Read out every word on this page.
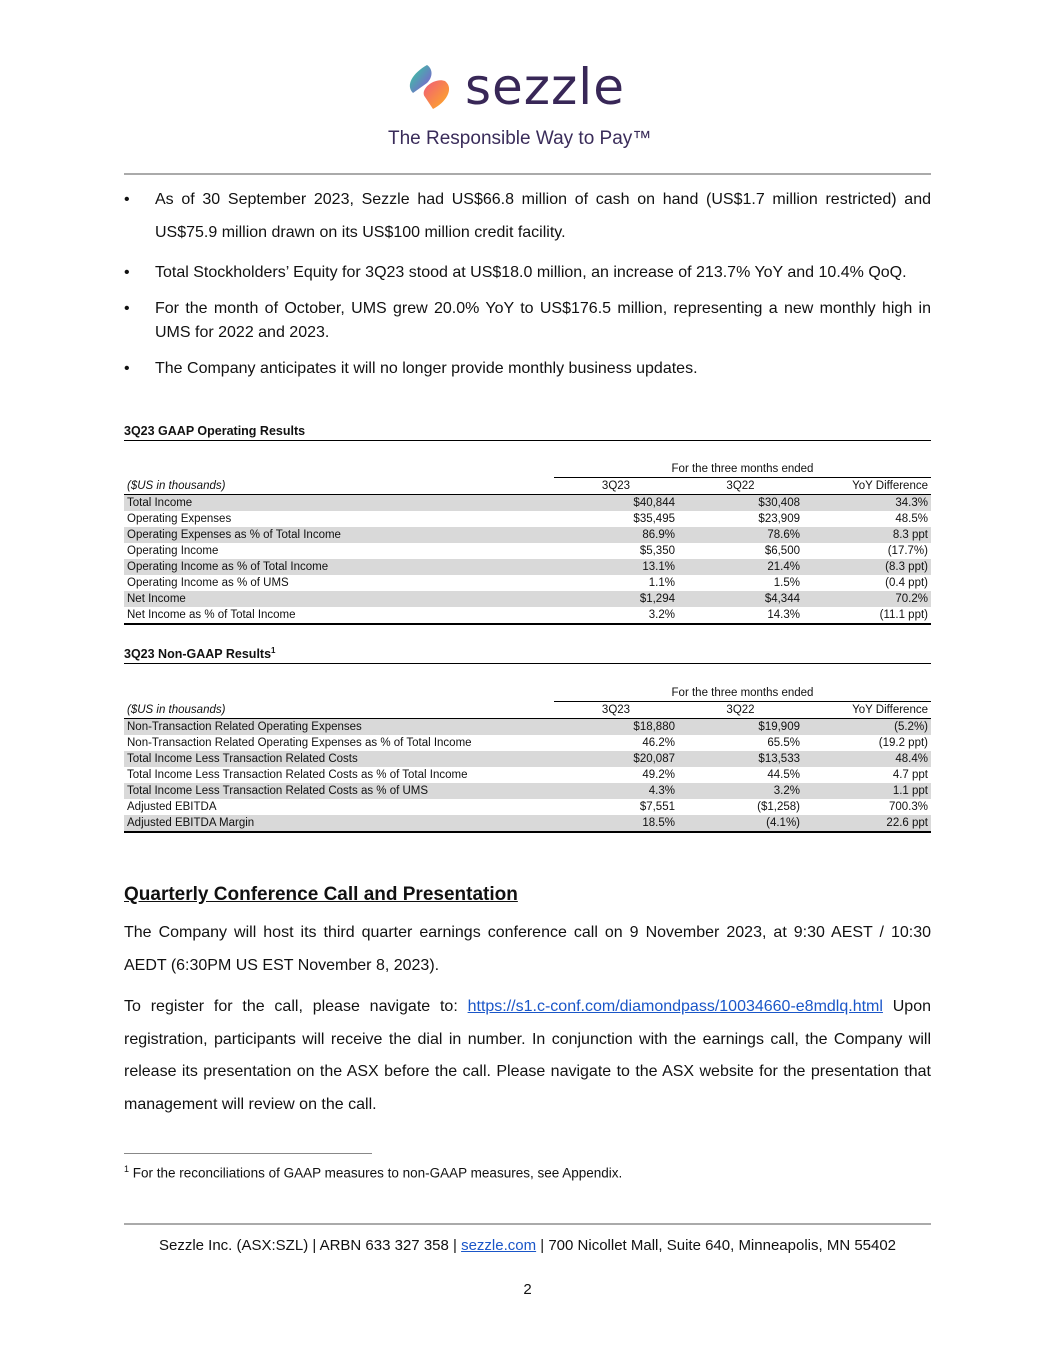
sezzle
The Responsible Way to Pay™
• As of 30 September 2023, Sezzle had US$66.8 million of cash on hand (US$1.7 million restricted) and US$75.9 million drawn on its US$100 million credit facility.
• Total Stockholders’ Equity for 3Q23 stood at US$18.0 million, an increase of 213.7% YoY and 10.4% QoQ.
• For the month of October, UMS grew 20.0% YoY to US$176.5 million, representing a new monthly high in UMS for 2022 and 2023.
• The Company anticipates it will no longer provide monthly business updates.
3Q23 GAAP Operating Results
	For the three months ended		
($US in thousands)	3Q23	3Q22	YoY Difference
Total Income	$40,844	$30,408	34.3%
Operating Expenses	$35,495	$23,909	48.5%
Operating Expenses as % of Total Income	86.9%	78.6%	8.3 ppt
Operating Income	$5,350	$6,500	(17.7%)
Operating Income as % of Total Income	13.1%	21.4%	(8.3 ppt)
Operating Income as % of UMS	1.1%	1.5%	(0.4 ppt)
Net Income	$1,294	$4,344	70.2%
Net Income as % of Total Income	3.2%	14.3%	(11.1 ppt)
3Q23 Non-GAAP Results$^1$
	For the three months ended		
($US in thousands)	3Q23	3Q22	YoY Difference
Non-Transaction Related Operating Expenses	$18,880	$19,909	(5.2%)
Non-Transaction Related Operating Expenses as % of Total Income	46.2%	65.5%	(19.2 ppt)
Total Income Less Transaction Related Costs	$20,087	$13,533	48.4%
Total Income Less Transaction Related Costs as % of Total Income	49.2%	44.5%	4.7 ppt
Total Income Less Transaction Related Costs as % of UMS	4.3%	3.2%	1.1 ppt
Adjusted EBITDA	$7,551	($1,258)	700.3%
Adjusted EBITDA Margin	18.5%	(4.1%)	22.6 ppt
Quarterly Conference Call and Presentation
The Company will host its third quarter earnings conference call on 9 November 2023, at 9:30 AEST / 10:30 AEDT (6:30PM US EST November 8, 2023).
To register for the call, please navigate to: https://s1.c-conf.com/diamondpass/10034660-e8mdlq.html Upon registration, participants will receive the dial in number. In conjunction with the earnings call, the Company will release its presentation on the ASX before the call. Please navigate to the ASX website for the presentation that management will review on the call.
$^1$ For the reconciliations of GAAP measures to non-GAAP measures, see Appendix.
Sezzle Inc. (ASX:SZL) | ARBN 633 327 358 | sezzle.com | 700 Nicollet Mall, Suite 640, Minneapolis, MN 55402
2
